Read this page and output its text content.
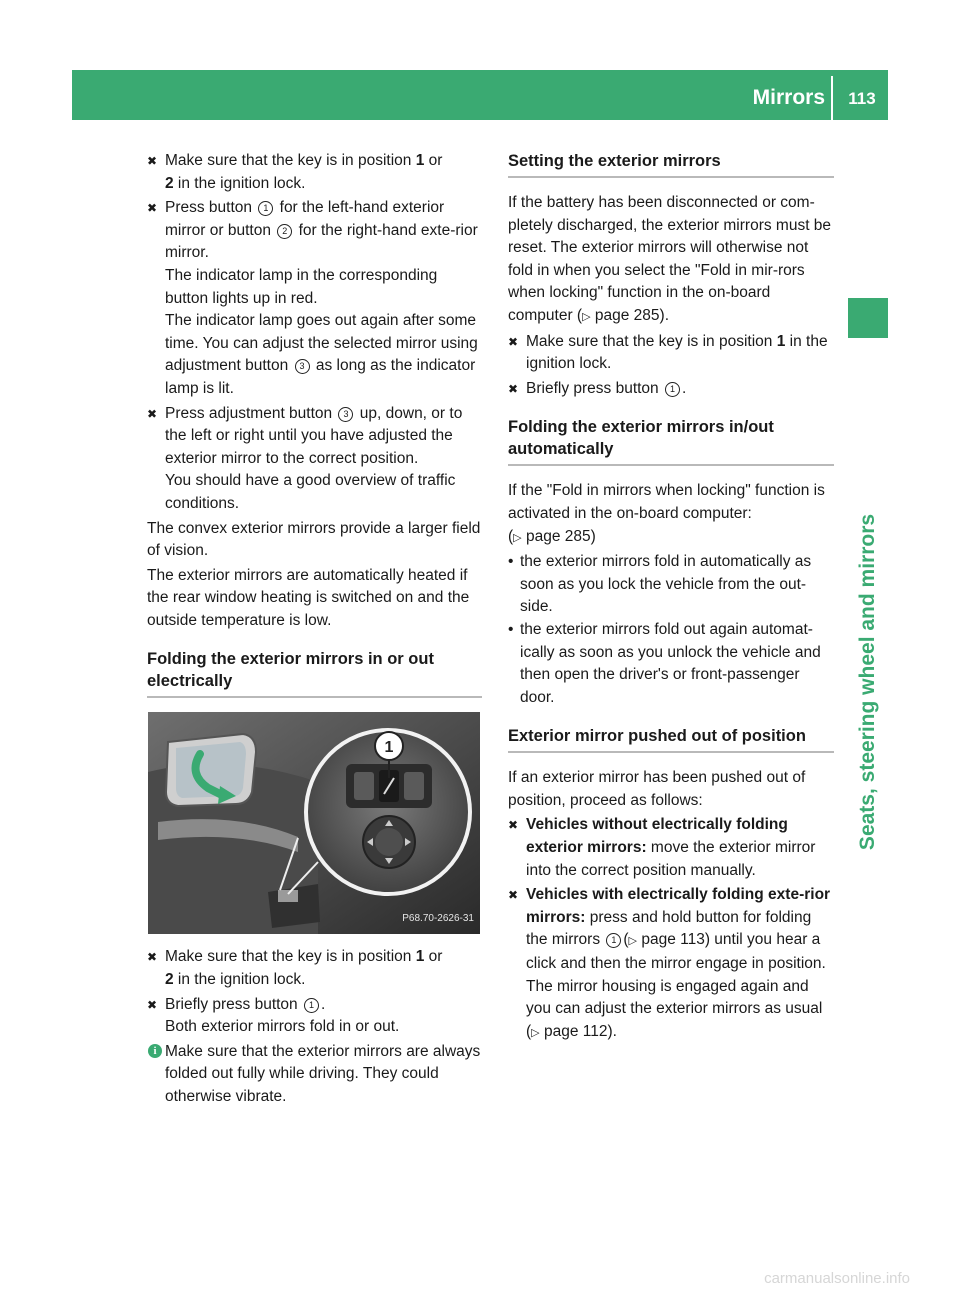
Mirrors	113
Seats, steering wheel and mirrors
✖ Make sure that the key is in position 1 or
2 in the ignition lock.
✖ Press button 1 for the left-hand exterior mirror or button 2 for the right-hand exte-rior mirror.

The indicator lamp in the corresponding button lights up in red.

The indicator lamp goes out again after some time. You can adjust the selected mirror using adjustment button 3 as long as the indicator lamp is lit.

✖ Press adjustment button 3 up, down, or to the left or right until you have adjusted the exterior mirror to the correct position.

You should have a good overview of traffic conditions.

The convex exterior mirrors provide a larger field of vision.

The exterior mirrors are automatically heated if the rear window heating is switched on and the outside temperature is low.

Folding the exterior mirrors in or out electrically
1
P68.70-2626-31
✖ Make sure that the key is in position 1 or
2 in the ignition lock.
✖ Briefly press button 1 .

Both exterior mirrors fold in or out.

i Make sure that the exterior mirrors are always folded out fully while driving. They could otherwise vibrate.
Setting the exterior mirrors

If the battery has been disconnected or com-pletely discharged, the exterior mirrors must be reset. The exterior mirrors will otherwise not fold in when you select the "Fold in mir-rors when locking" function in the on-board computer (▷ page 285).

✖ Make sure that the key is in position 1 in the ignition lock.
✖ Briefly press button 1 .
Folding the exterior mirrors in/out automatically

If the "Fold in mirrors when locking" function is activated in the on-board computer:
(▷ page 285)

• the exterior mirrors fold in automatically as soon as you lock the vehicle from the out-side.
• the exterior mirrors fold out again automat-ically as soon as you unlock the vehicle and then open the driver's or front-passenger door.
Exterior mirror pushed out of position

If an exterior mirror has been pushed out of position, proceed as follows:

✖ Vehicles without electrically folding exterior mirrors: move the exterior mirror into the correct position manually.
✖ Vehicles with electrically folding exte-rior mirrors: press and hold button for folding the mirrors 1 (▷ page 113) until you hear a click and then the mirror engage in position.

The mirror housing is engaged again and you can adjust the exterior mirrors as usual (▷ page 112).

carmanualsonline.info
